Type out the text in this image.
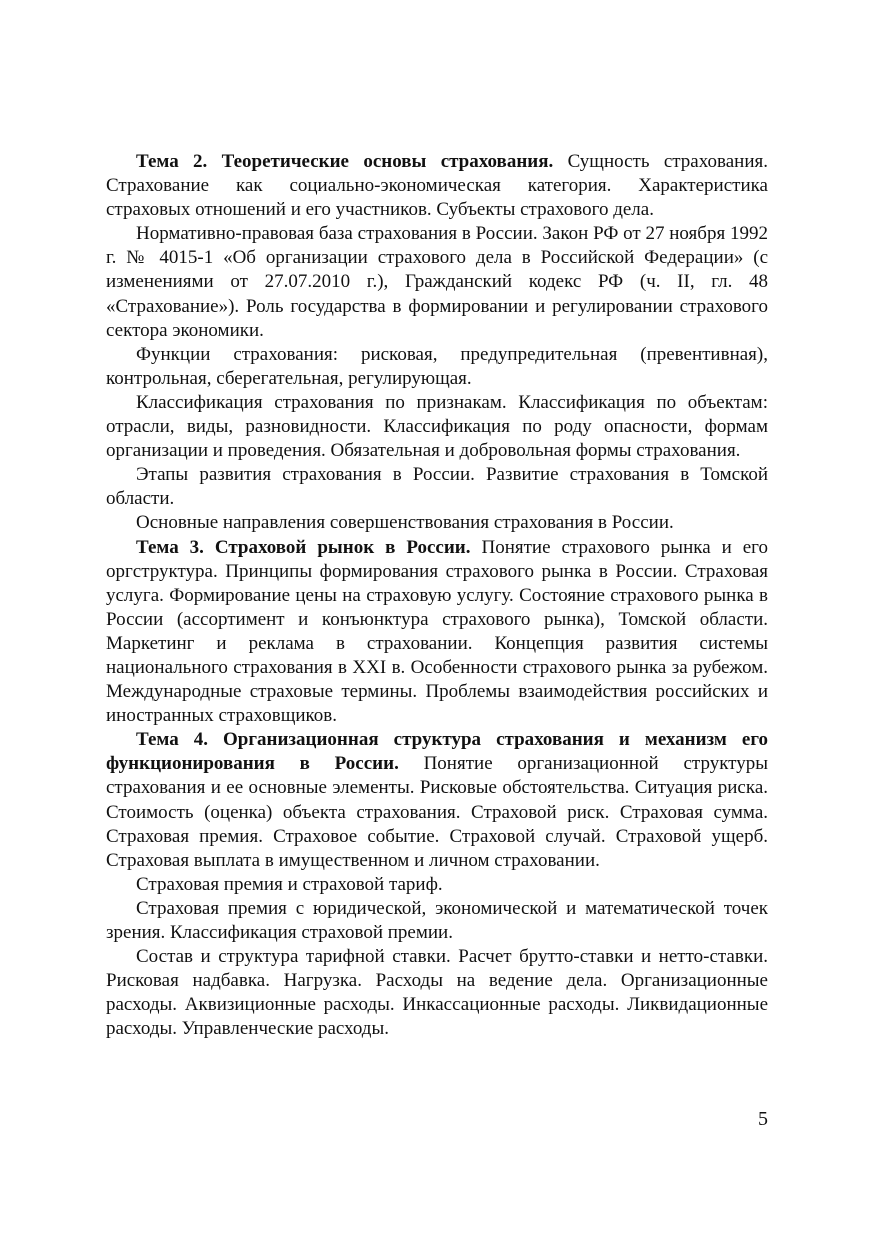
Тема 2. Теоретические основы страхования. Сущность страхования. Страхование как социально-экономическая категория. Характеристика страховых отношений и его участников. Субъекты страхового дела.

Нормативно-правовая база страхования в России. Закон РФ от 27 ноября 1992 г. № 4015-1 «Об организации страхового дела в Российской Федерации» (с изменениями от 27.07.2010 г.), Гражданский кодекс РФ (ч. II, гл. 48 «Страхование»). Роль государства в формировании и регулировании страхового сектора экономики.

Функции страхования: рисковая, предупредительная (превентивная), контрольная, сберегательная, регулирующая.

Классификация страхования по признакам. Классификация по объектам: отрасли, виды, разновидности. Классификация по роду опасности, формам организации и проведения. Обязательная и добровольная формы страхования.

Этапы развития страхования в России. Развитие страхования в Томской области.

Основные направления совершенствования страхования в России.

Тема 3. Страховой рынок в России. Понятие страхового рынка и его оргструктура. Принципы формирования страхового рынка в России. Страховая услуга. Формирование цены на страховую услугу. Состояние страхового рынка в России (ассортимент и конъюнктура страхового рынка), Томской области. Маркетинг и реклама в страховании. Концепция развития системы национального страхования в XXI в. Особенности страхового рынка за рубежом. Международные страховые термины. Проблемы взаимодействия российских и иностранных страховщиков.

Тема 4. Организационная структура страхования и механизм его функционирования в России. Понятие организационной структуры страхования и ее основные элементы. Рисковые обстоятельства. Ситуация риска. Стоимость (оценка) объекта страхования. Страховой риск. Страховая сумма. Страховая премия. Страховое событие. Страховой случай. Страховой ущерб. Страховая выплата в имущественном и личном страховании.

Страховая премия и страховой тариф.

Страховая премия с юридической, экономической и математической точек зрения. Классификация страховой премии.

Состав и структура тарифной ставки. Расчет брутто-ставки и нетто-ставки. Рисковая надбавка. Нагрузка. Расходы на ведение дела. Организационные расходы. Аквизиционные расходы. Инкассационные расходы. Ликвидационные расходы. Управленческие расходы.

5
